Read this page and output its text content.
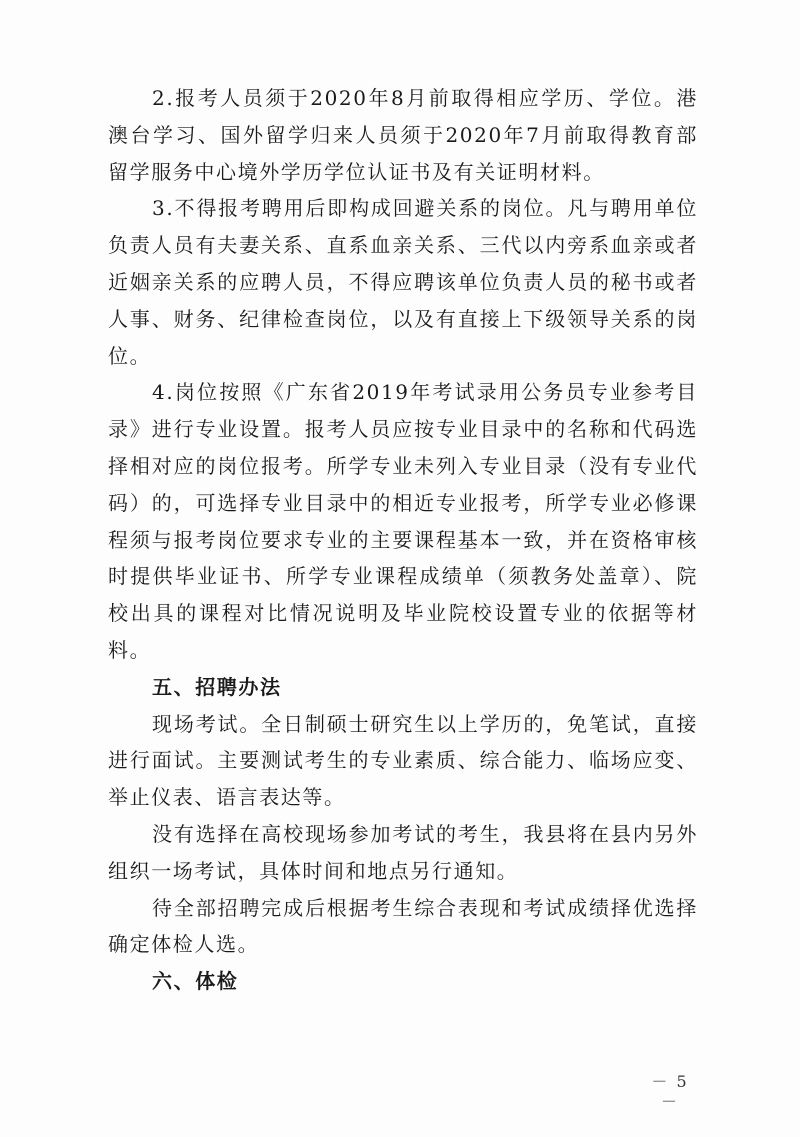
2.报考人员须于2020年8月前取得相应学历、学位。港澳台学习、国外留学归来人员须于2020年7月前取得教育部留学服务中心境外学历学位认证书及有关证明材料。

3.不得报考聘用后即构成回避关系的岗位。凡与聘用单位负责人员有夫妻关系、直系血亲关系、三代以内旁系血亲或者近姻亲关系的应聘人员，不得应聘该单位负责人员的秘书或者人事、财务、纪律检查岗位，以及有直接上下级领导关系的岗位。

4.岗位按照《广东省2019年考试录用公务员专业参考目录》进行专业设置。报考人员应按专业目录中的名称和代码选择相对应的岗位报考。所学专业未列入专业目录（没有专业代码）的，可选择专业目录中的相近专业报考，所学专业必修课程须与报考岗位要求专业的主要课程基本一致，并在资格审核时提供毕业证书、所学专业课程成绩单（须教务处盖章）、院校出具的课程对比情况说明及毕业院校设置专业的依据等材料。

五、招聘办法

现场考试。全日制硕士研究生以上学历的，免笔试，直接进行面试。主要测试考生的专业素质、综合能力、临场应变、举止仪表、语言表达等。

没有选择在高校现场参加考试的考生，我县将在县内另外组织一场考试，具体时间和地点另行通知。

待全部招聘完成后根据考生综合表现和考试成绩择优选择确定体检人选。

六、体检

－ 5 －
